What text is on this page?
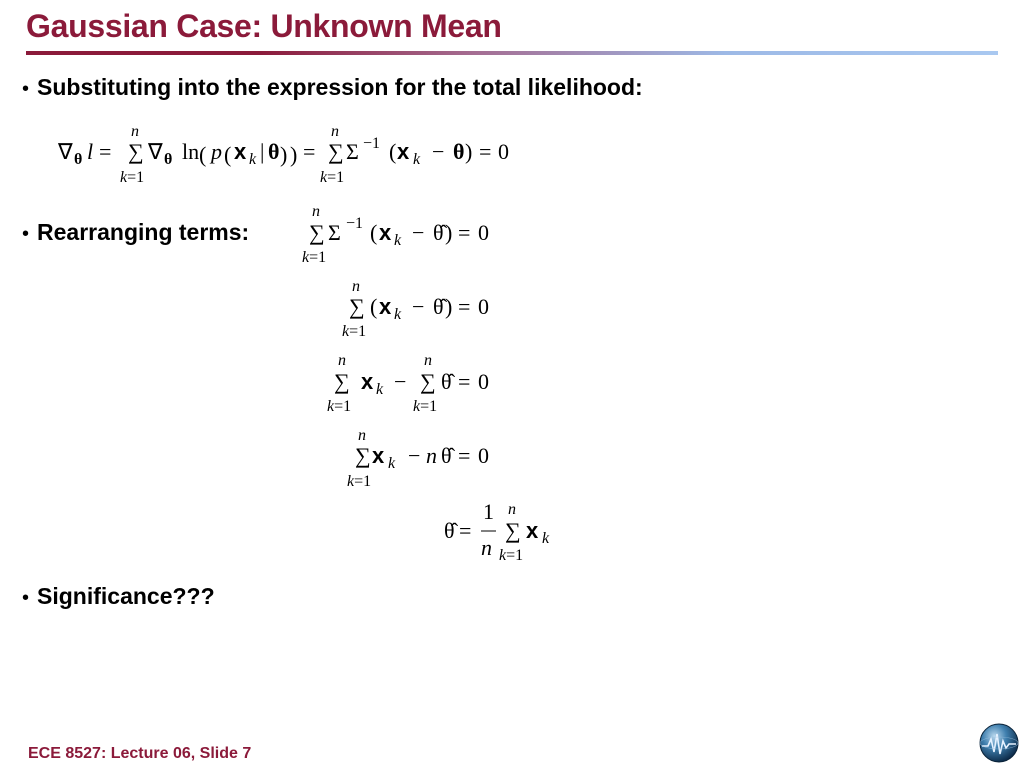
Gaussian Case: Unknown Mean
• Substituting into the expression for the total likelihood:
• Rearranging terms:
• Significance???
∇ θ l =
n
∑
k=1
∇ θ ln ( p ( x k | θ ) ) =
n
∑
k=1
Σ −1 ( x k − θ ) = 0
n
∑
k=1
Σ −1 ( x k − θ̂ ) = 0
n
∑
k=1
( x k − θ̂ ) = 0
n
∑
k=1
x k −
n
∑
k=1
θ̂ = 0
n
∑
k=1
x k − n θ̂ = 0
θ̂ =
1
n
n
∑
k=1
x k
ECE 8527: Lecture 06, Slide 7
